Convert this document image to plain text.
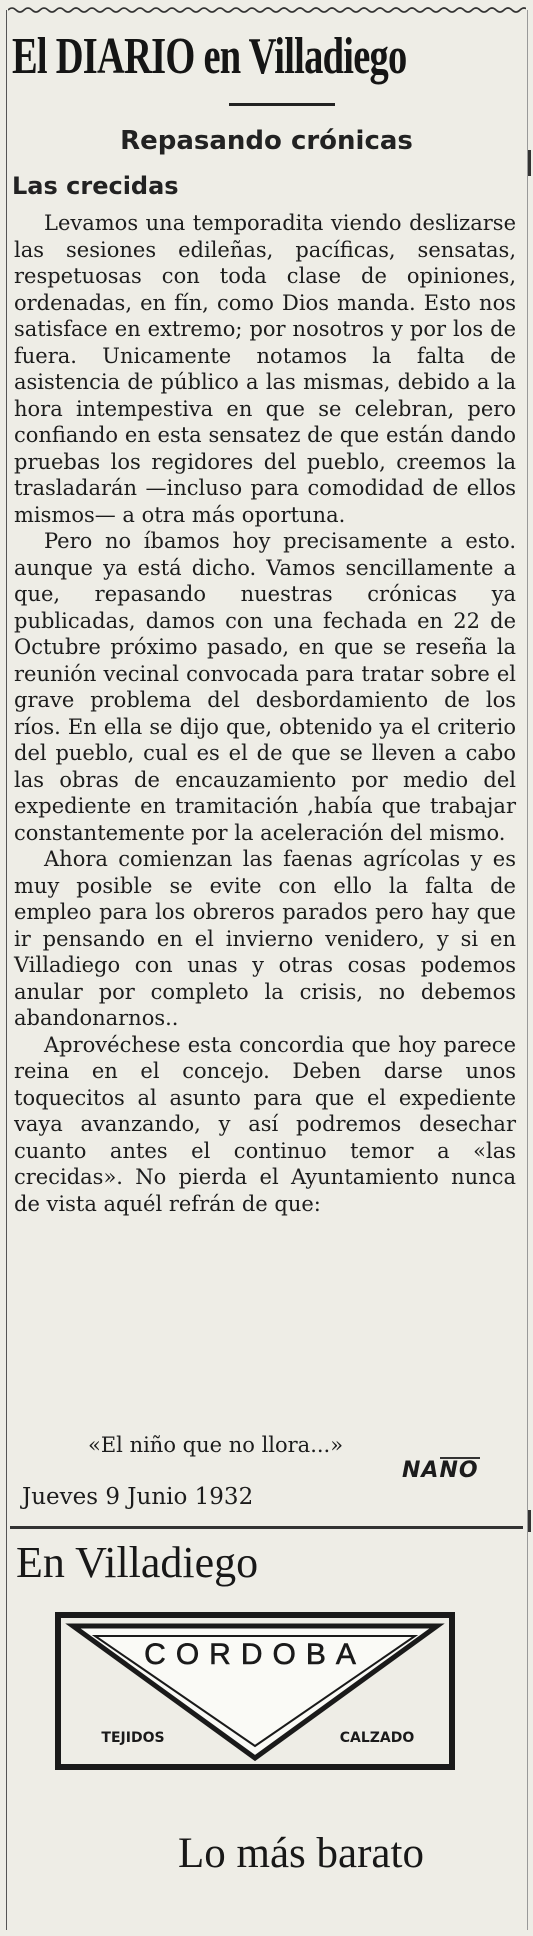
El DIARIO en Villadiego
Repasando crónicas
Las crecidas

Levamos una temporadita viendo deslizarse las sesiones edileñas, pacíficas, sensatas, respetuosas con toda clase de opiniones, ordenadas, en fín, como Dios manda. Esto nos satisface en extremo; por nosotros y por los de fuera. Unicamente notamos la falta de asistencia de público a las mismas, debido a la hora intempestiva en que se celebran, pero confiando en esta sensatez de que están dando pruebas los regidores del pueblo, creemos la trasladarán —incluso para comodidad de ellos mismos— a otra más oportuna.

Pero no íbamos hoy precisamente a esto. aunque ya está dicho. Vamos sencillamente a que, repasando nuestras crónicas ya publicadas, damos con una fechada en 22 de Octubre próximo pasado, en que se reseña la reunión vecinal convocada para tratar sobre el grave problema del desbordamiento de los ríos. En ella se dijo que, obtenido ya el criterio del pueblo, cual es el de que se lleven a cabo las obras de encauzamiento por medio del expediente en tramitación ,había que trabajar constantemente por la aceleración del mismo.

Ahora comienzan las faenas agrícolas y es muy posible se evite con ello la falta de empleo para los obreros parados pero hay que ir pensando en el invierno venidero, y si en Villadiego con unas y otras cosas podemos anular por completo la crisis, no debemos abandonarnos..

Aprovéchese esta concordia que hoy parece reina en el concejo. Deben darse unos toquecitos al asunto para que el expediente vaya avanzando, y así podremos desechar cuanto antes el continuo temor a «las crecidas». No pierda el Ayuntamiento nunca de vista aquél refrán de que:

«El niño que no llora...»
NANO
Jueves 9 Junio 1932
En Villadiego
CORDOBA
TEJIDOS	CALZADO
Lo más barato
